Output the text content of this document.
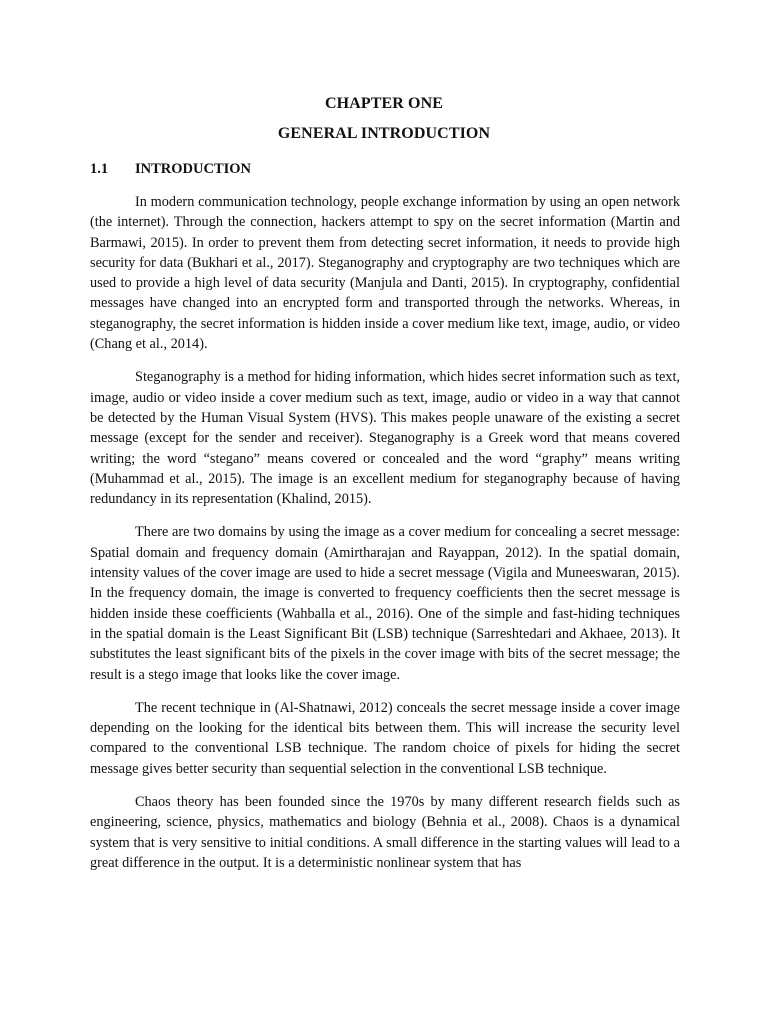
CHAPTER ONE
GENERAL INTRODUCTION
1.1 INTRODUCTION

In modern communication technology, people exchange information by using an open network (the internet). Through the connection, hackers attempt to spy on the secret information (Martin and Barmawi, 2015). In order to prevent them from detecting secret information, it needs to provide high security for data (Bukhari et al., 2017). Steganography and cryptography are two techniques which are used to provide a high level of data security (Manjula and Danti, 2015). In cryptography, confidential messages have changed into an encrypted form and transported through the networks. Whereas, in steganography, the secret information is hidden inside a cover medium like text, image, audio, or video (Chang et al., 2014).

Steganography is a method for hiding information, which hides secret information such as text, image, audio or video inside a cover medium such as text, image, audio or video in a way that cannot be detected by the Human Visual System (HVS). This makes people unaware of the existing a secret message (except for the sender and receiver). Steganography is a Greek word that means covered writing; the word “stegano” means covered or concealed and the word “graphy” means writing (Muhammad et al., 2015). The image is an excellent medium for steganography because of having redundancy in its representation (Khalind, 2015).

There are two domains by using the image as a cover medium for concealing a secret message: Spatial domain and frequency domain (Amirtharajan and Rayappan, 2012). In the spatial domain, intensity values of the cover image are used to hide a secret message (Vigila and Muneeswaran, 2015). In the frequency domain, the image is converted to frequency coefficients then the secret message is hidden inside these coefficients (Wahballa et al., 2016). One of the simple and fast-hiding techniques in the spatial domain is the Least Significant Bit (LSB) technique (Sarreshtedari and Akhaee, 2013). It substitutes the least significant bits of the pixels in the cover image with bits of the secret message; the result is a stego image that looks like the cover image.

The recent technique in (Al-Shatnawi, 2012) conceals the secret message inside a cover image depending on the looking for the identical bits between them. This will increase the security level compared to the conventional LSB technique. The random choice of pixels for hiding the secret message gives better security than sequential selection in the conventional LSB technique.

Chaos theory has been founded since the 1970s by many different research fields such as engineering, science, physics, mathematics and biology (Behnia et al., 2008). Chaos is a dynamical system that is very sensitive to initial conditions. A small difference in the starting values will lead to a great difference in the output. It is a deterministic nonlinear system that has
